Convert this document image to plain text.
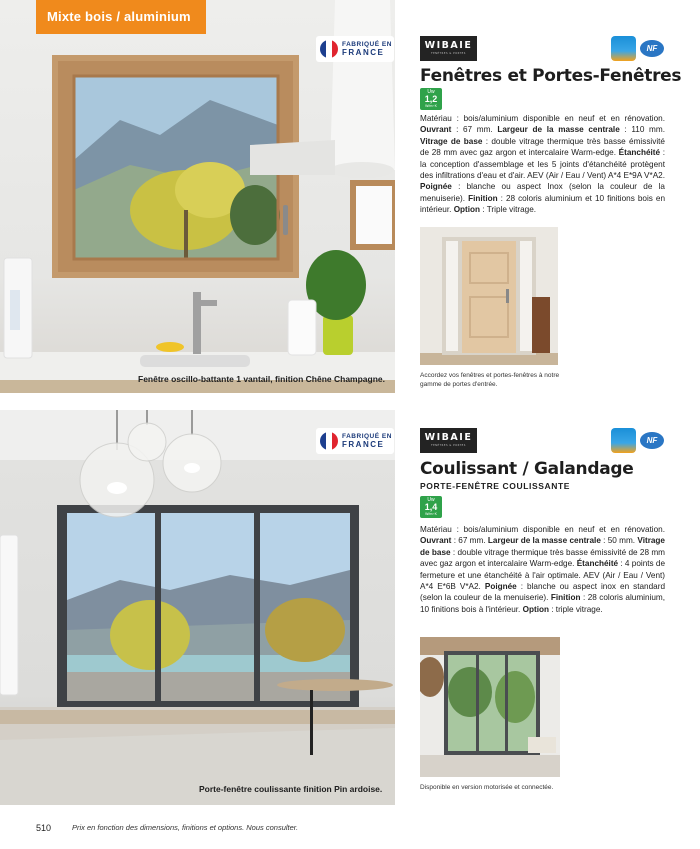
Mixte bois / aluminium
FABRIQUÉ EN
FRANCE
Fenêtre oscillo-battante 1 vantail, finition Chêne Champagne.
WIBAIE
FENÊTRES & PORTES
NF
Fenêtres et Portes-Fenêtres
Uw
1,2
W/m²·K
Matériau : bois/aluminium disponible en neuf et en rénovation. Ouvrant : 67 mm. Largeur de la masse centrale : 110 mm. Vitrage de base : double vitrage thermique très basse émissivité de 28 mm avec gaz argon et intercalaire Warm-edge. Étanchéité : la conception d'assemblage et les 5 joints d'étanchéité protègent des infiltrations d'eau et d'air. AEV (Air / Eau / Vent) A*4 E*9A V*A2. Poignée : blanche ou aspect Inox (selon la couleur de la menuiserie). Finition : 28 coloris aluminium et 10 finitions bois en intérieur. Option : Triple vitrage.
Accordez vos fenêtres et portes-fenêtres à notre gamme de portes d'entrée.
FABRIQUÉ EN
FRANCE
Porte-fenêtre coulissante finition Pin ardoise.
WIBAIE
FENÊTRES & PORTES
NF
Coulissant / Galandage
PORTE-FENÊTRE COULISSANTE
Uw
1,4
W/m²·K
Matériau : bois/aluminium disponible en neuf et en rénovation. Ouvrant : 67 mm. Largeur de la masse centrale : 50 mm. Vitrage de base : double vitrage thermique très basse émissivité de 28 mm avec gaz argon et intercalaire Warm-edge. Étanchéité : 4 points de fermeture et une étanchéité à l'air optimale. AEV (Air / Eau / Vent) A*4 E*6B V*A2. Poignée : blanche ou aspect inox en standard (selon la couleur de la menuiserie). Finition : 28 coloris aluminium, 10 finitions bois à l'intérieur. Option : triple vitrage.
Disponible en version motorisée et connectée.
510	Prix en fonction des dimensions, finitions et options. Nous consulter.
